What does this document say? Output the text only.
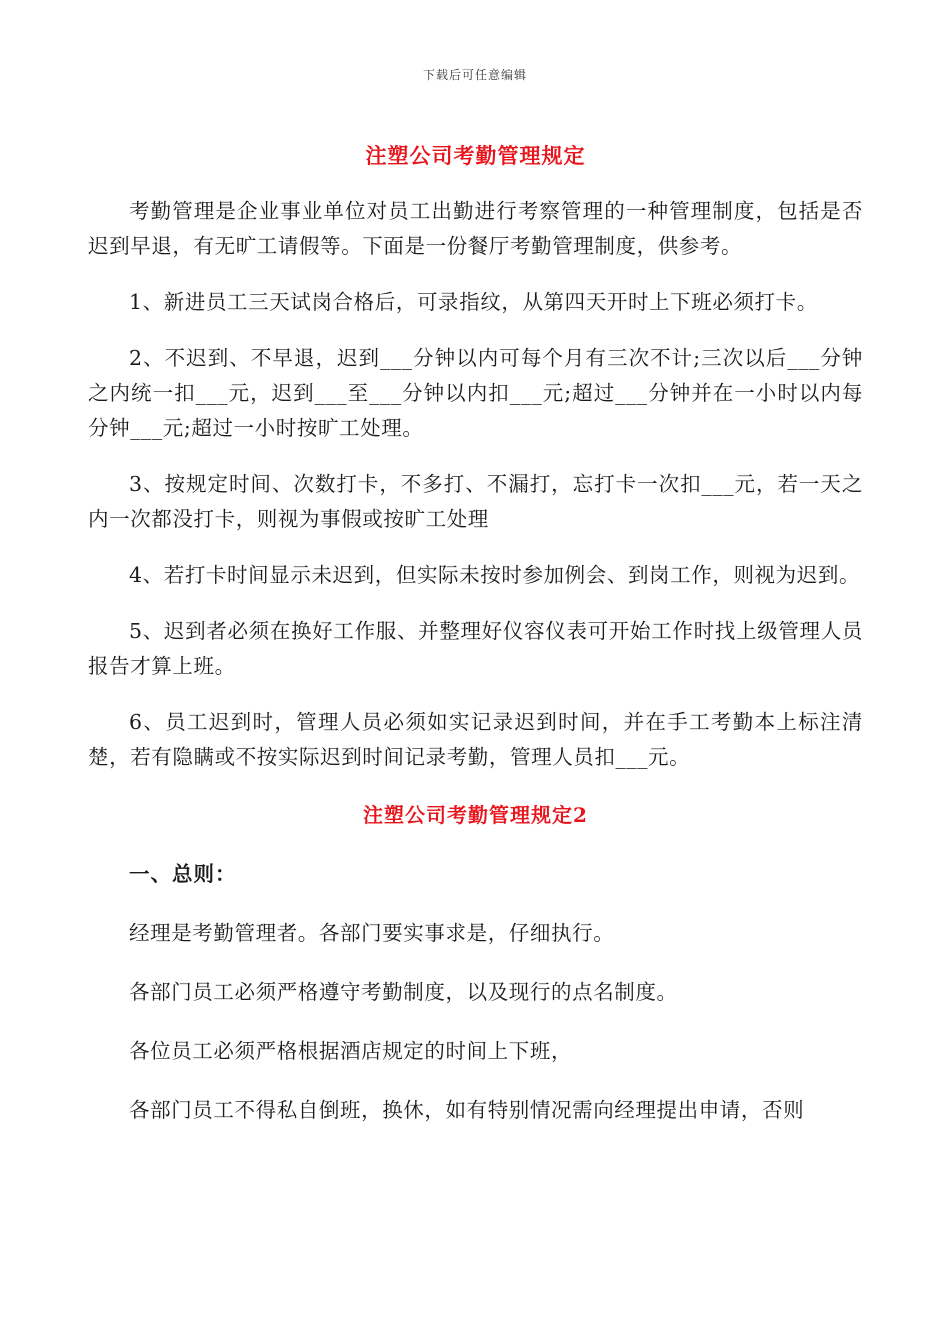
下载后可任意编辑
注塑公司考勤管理规定

考勤管理是企业事业单位对员工出勤进行考察管理的一种管理制度，包括是否迟到早退，有无旷工请假等。下面是一份餐厅考勤管理制度，供参考。

1、新进员工三天试岗合格后，可录指纹，从第四天开时上下班必须打卡。

2、不迟到、不早退，迟到___分钟以内可每个月有三次不计;三次以后___分钟之内统一扣___元，迟到___至___分钟以内扣___元;超过___分钟并在一小时以内每分钟___元;超过一小时按旷工处理。

3、按规定时间、次数打卡，不多打、不漏打，忘打卡一次扣___元，若一天之内一次都没打卡，则视为事假或按旷工处理

4、若打卡时间显示未迟到，但实际未按时参加例会、到岗工作，则视为迟到。

5、迟到者必须在换好工作服、并整理好仪容仪表可开始工作时找上级管理人员报告才算上班。

6、员工迟到时，管理人员必须如实记录迟到时间，并在手工考勤本上标注清楚，若有隐瞒或不按实际迟到时间记录考勤，管理人员扣___元。

注塑公司考勤管理规定2
一、总则：

经理是考勤管理者。各部门要实事求是，仔细执行。

各部门员工必须严格遵守考勤制度，以及现行的点名制度。

各位员工必须严格根据酒店规定的时间上下班，

各部门员工不得私自倒班，换休，如有特别情况需向经理提出申请，否则
